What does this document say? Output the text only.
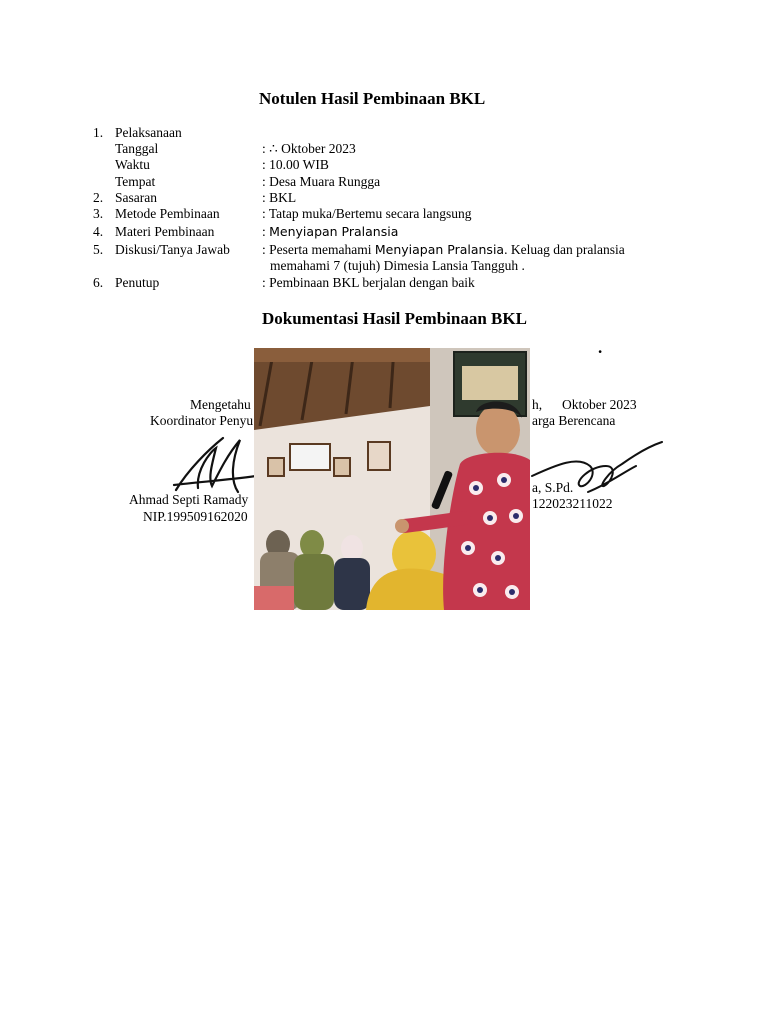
Notulen Hasil Pembinaan BKL
1. Pelaksanaan
Tanggal	: ∴ Oktober 2023
Waktu	: 10.00 WIB
Tempat	: Desa Muara Rungga
2. Sasaran	: BKL
3. Metode Pembinaan	: Tatap muka/Bertemu secara langsung
4. Materi Pembinaan	: Menyiapan Pralansia
5. Diskusi/Tanya Jawab : Peserta memahami Menyiapan Pralansia. Keluag dan pralansia
memahami 7 (tujuh) Dimesia Lansia Tangguh .
6. Penutup	: Pembinaan BKL berjalan dengan baik
Dokumentasi Hasil Pembinaan BKL
.
Mengetahu
Koordinator Penyu
Ahmad Septi Ramady
NIP.199509162020
h, Oktober 2023
arga Berencana
a, S.Pd.
122023211022
